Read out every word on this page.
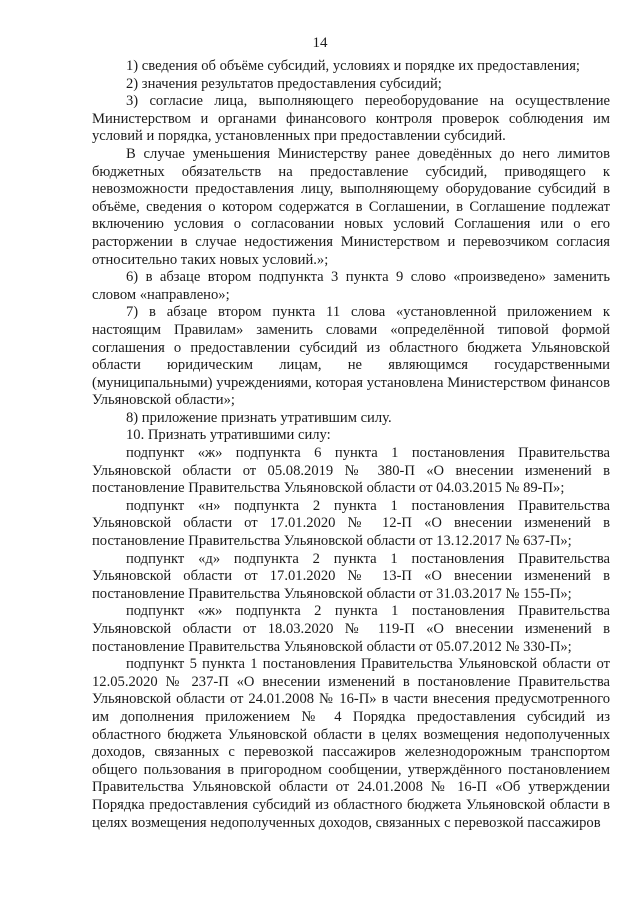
14

1) сведения об объёме субсидий, условиях и порядке их предоставления;

2) значения результатов предоставления субсидий;

3) согласие лица, выполняющего переоборудование на осуществление Министерством и органами финансового контроля проверок соблюдения им условий и порядка, установленных при предоставлении субсидий.

В случае уменьшения Министерству ранее доведённых до него лимитов бюджетных обязательств на предоставление субсидий, приводящего к невозможности предоставления лицу, выполняющему оборудование субсидий в объёме, сведения о котором содержатся в Соглашении, в Соглашение подлежат включению условия о согласовании новых условий Соглашения или о его расторжении в случае недостижения Министерством и перевозчиком согласия относительно таких новых условий.»;

6) в абзаце втором подпункта 3 пункта 9 слово «произведено» заменить словом «направлено»;

7) в абзаце втором пункта 11 слова «установленной приложением к настоящим Правилам» заменить словами «определённой типовой формой соглашения о предоставлении субсидий из областного бюджета Ульяновской области юридическим лицам, не являющимся государственными (муниципальными) учреждениями, которая установлена Министерством финансов Ульяновской области»;

8) приложение признать утратившим силу.

10. Признать утратившими силу:

подпункт «ж» подпункта 6 пункта 1 постановления Правительства Ульяновской области от 05.08.2019 № 380-П «О внесении изменений в постановление Правительства Ульяновской области от 04.03.2015 № 89-П»;

подпункт «н» подпункта 2 пункта 1 постановления Правительства Ульяновской области от 17.01.2020 № 12-П «О внесении изменений в постановление Правительства Ульяновской области от 13.12.2017 № 637-П»;

подпункт «д» подпункта 2 пункта 1 постановления Правительства Ульяновской области от 17.01.2020 № 13-П «О внесении изменений в постановление Правительства Ульяновской области от 31.03.2017 № 155-П»;

подпункт «ж» подпункта 2 пункта 1 постановления Правительства Ульяновской области от 18.03.2020 № 119-П «О внесении изменений в постановление Правительства Ульяновской области от 05.07.2012 № 330-П»;

подпункт 5 пункта 1 постановления Правительства Ульяновской области от 12.05.2020 № 237-П «О внесении изменений в постановление Правительства Ульяновской области от 24.01.2008 № 16-П» в части внесения предусмотренного им дополнения приложением № 4 Порядка предоставления субсидий из областного бюджета Ульяновской области в целях возмещения недополученных доходов, связанных с перевозкой пассажиров железнодорожным транспортом общего пользования в пригородном сообщении, утверждённого постановлением Правительства Ульяновской области от 24.01.2008 № 16-П «Об утверждении Порядка предоставления субсидий из областного бюджета Ульяновской области в целях возмещения недополученных доходов, связанных с перевозкой пассажиров
